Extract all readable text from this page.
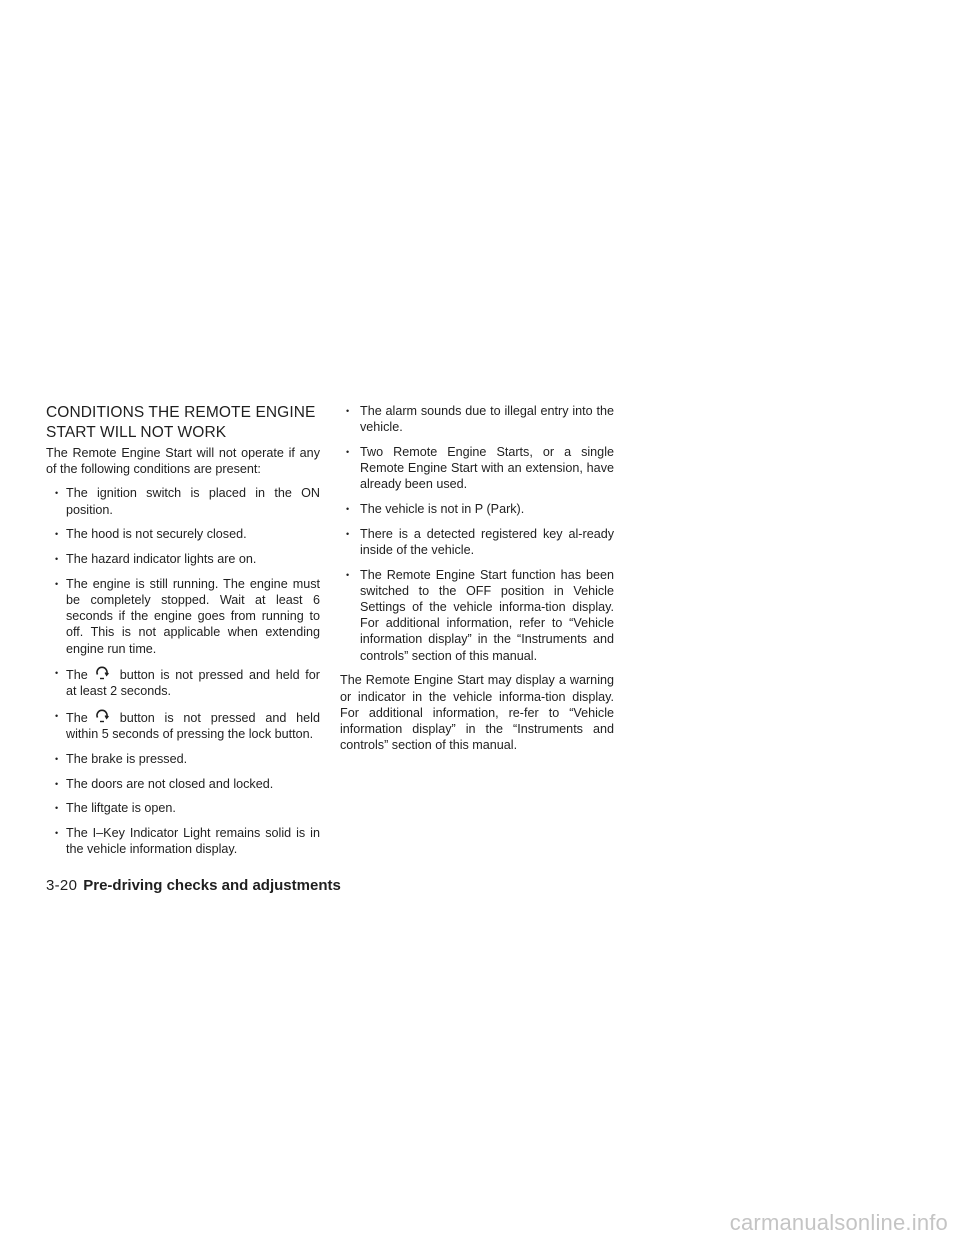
CONDITIONS THE REMOTE ENGINE
START WILL NOT WORK

The Remote Engine Start will not operate if any of the following conditions are present:

• The ignition switch is placed in the ON position.
• The hood is not securely closed.
• The hazard indicator lights are on.
• The engine is still running. The engine must be completely stopped. Wait at least 6 seconds if the engine goes from running to off. This is not applicable when extending engine run time.
• The	button is not pressed and held for at least 2 seconds.
• The	button is not pressed and held within 5 seconds of pressing the lock button.
• The brake is pressed.
• The doors are not closed and locked.
• The liftgate is open.
• The I–Key Indicator Light remains solid is in the vehicle information display.
• The alarm sounds due to illegal entry into the vehicle.
• Two Remote Engine Starts, or a single Remote Engine Start with an extension, have already been used.
• The vehicle is not in P (Park).
• There is a detected registered key al-ready inside of the vehicle.
• The Remote Engine Start function has been switched to the OFF position in Vehicle Settings of the vehicle informa-tion display. For additional information, refer to “Vehicle information display” in the “Instruments and controls” section of this manual.

The Remote Engine Start may display a warning or indicator in the vehicle informa-tion display. For additional information, re-fer to “Vehicle information display” in the “Instruments and controls” section of this manual.

3-20 Pre-driving checks and adjustments
carmanualsonline.info
